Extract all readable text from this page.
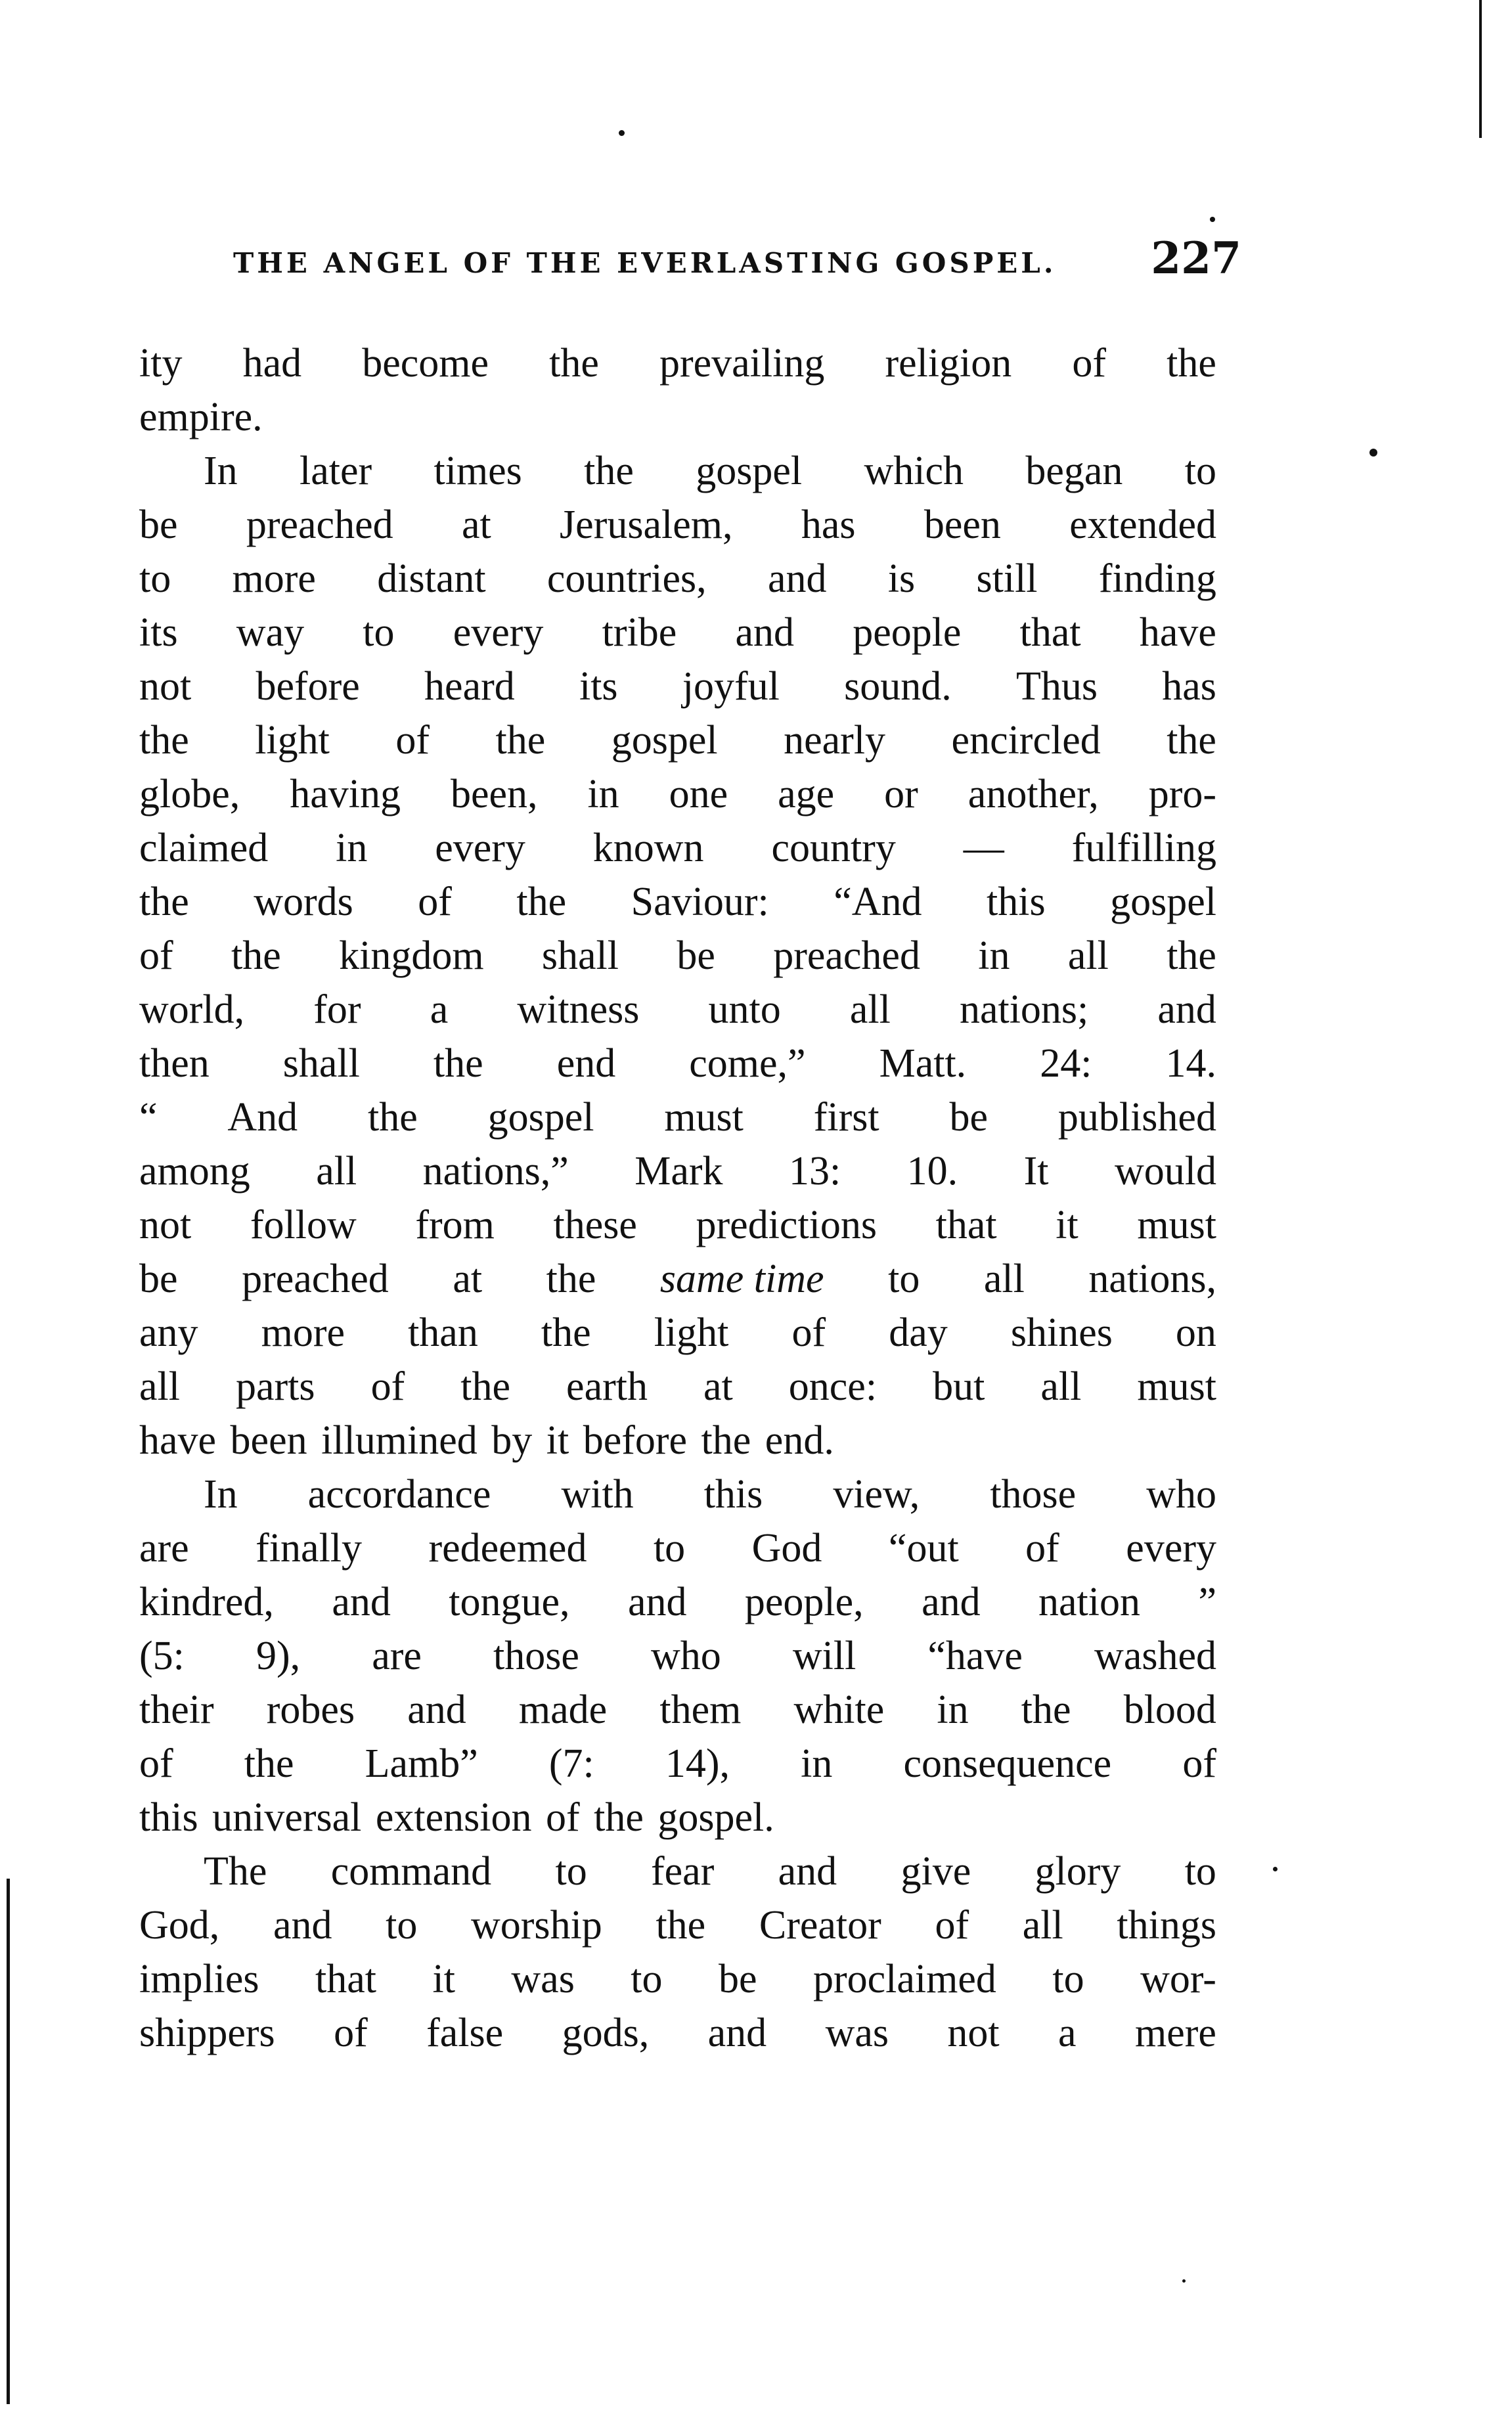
THE ANGEL OF THE EVERLASTING GOSPEL. 227
ity had become the prevailing religion of the
empire.
In later times the gospel which began to
be preached at Jerusalem, has been extended
to more distant countries, and is still finding
its way to every tribe and people that have
not before heard its joyful sound. Thus has
the light of the gospel nearly encircled the
globe, having been, in one age or another, pro-
claimed in every known country — fulfilling
the words of the Saviour: “And this gospel
of the kingdom shall be preached in all the
world, for a witness unto all nations; and
then shall the end come,” Matt. 24: 14.
“ And the gospel must first be published
among all nations,” Mark 13: 10. It would
not follow from these predictions that it must
be preached at the same time to all nations,
any more than the light of day shines on
all parts of the earth at once: but all must
have been illumined by it before the end.
In accordance with this view, those who
are finally redeemed to God “out of every
kindred, and tongue, and people, and nation ”
(5: 9), are those who will “have washed
their robes and made them white in the blood
of the Lamb” (7: 14), in consequence of
this universal extension of the gospel.
The command to fear and give glory to
God, and to worship the Creator of all things
implies that it was to be proclaimed to wor-
shippers of false gods, and was not a mere
